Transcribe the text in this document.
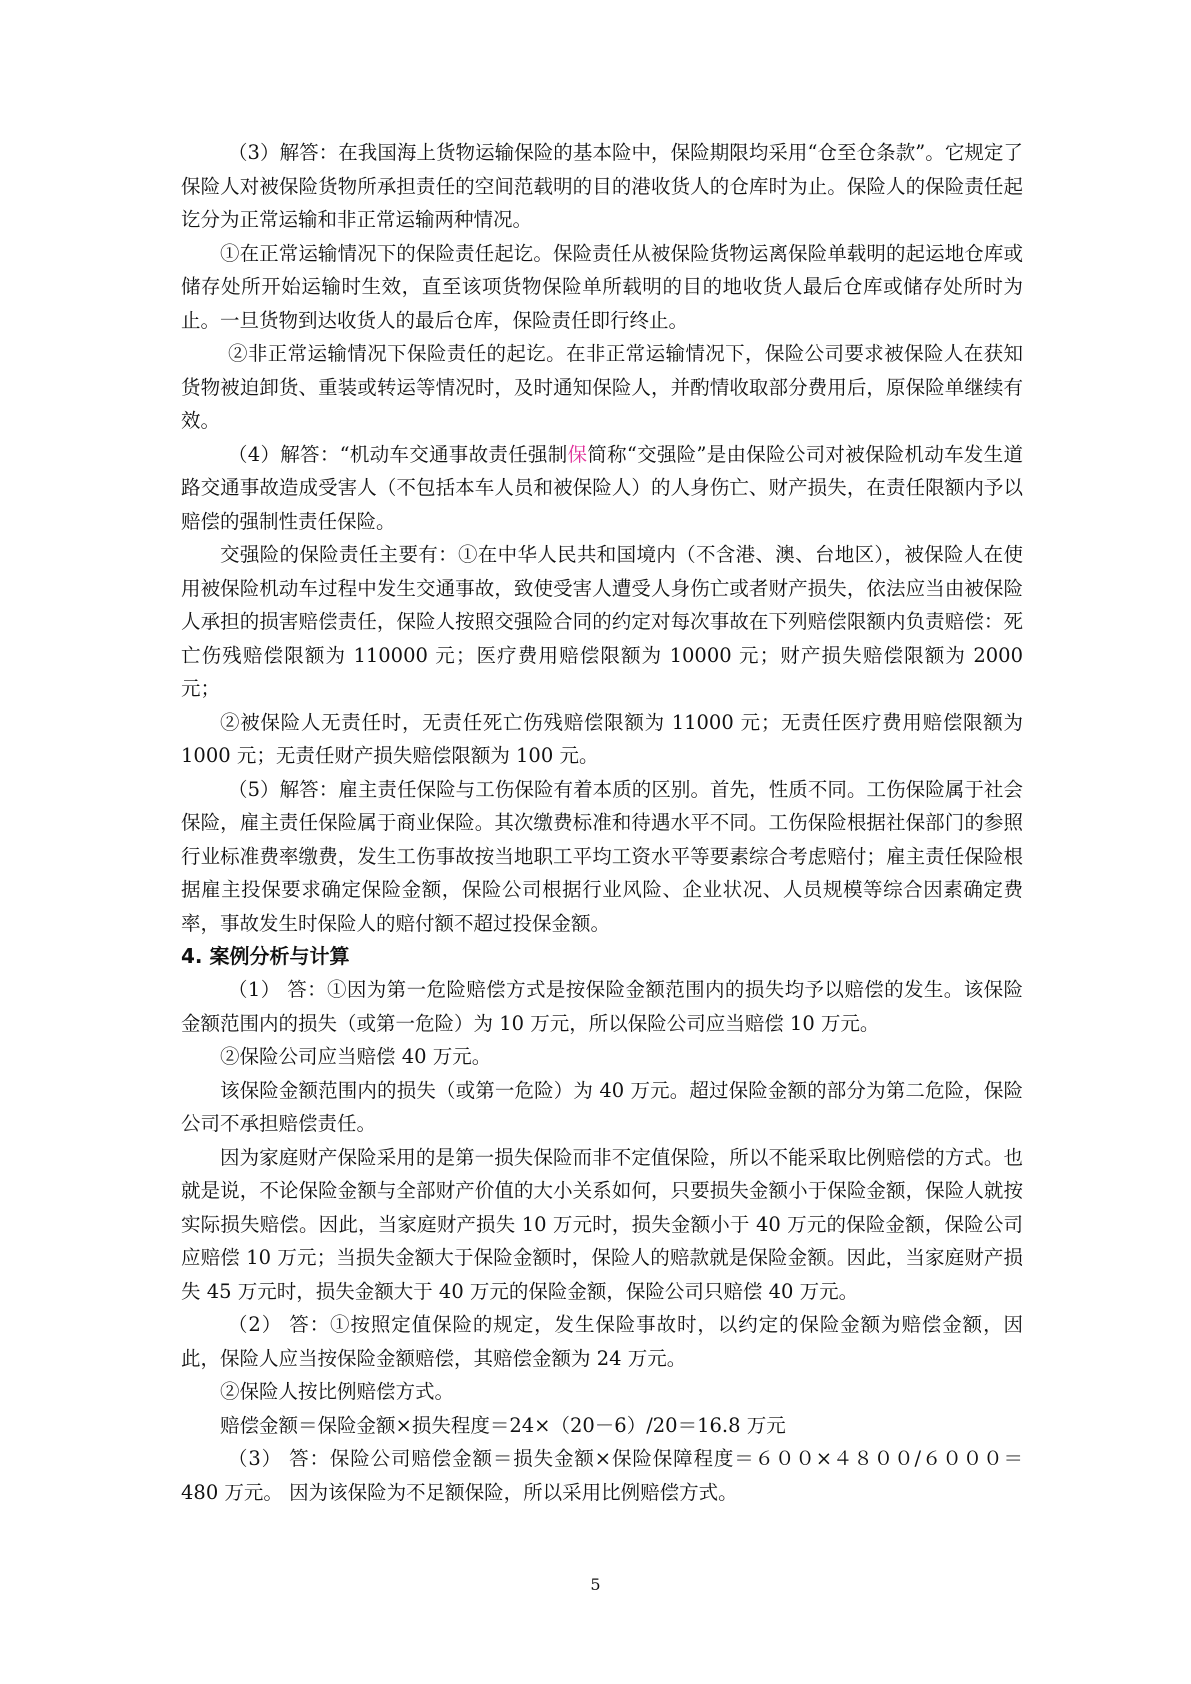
（3）解答：在我国海上货物运输保险的基本险中，保险期限均采用“仓至仓条款”。它规定了保险人对被保险货物所承担责任的空间范载明的目的港收货人的仓库时为止。保险人的保险责任起讫分为正常运输和非正常运输两种情况。

①在正常运输情况下的保险责任起讫。保险责任从被保险货物运离保险单载明的起运地仓库或储存处所开始运输时生效，直至该项货物保险单所载明的目的地收货人最后仓库或储存处所时为止。一旦货物到达收货人的最后仓库，保险责任即行终止。

②非正常运输情况下保险责任的起讫。在非正常运输情况下，保险公司要求被保险人在获知货物被迫卸货、重装或转运等情况时，及时通知保险人，并酌情收取部分费用后，原保险单继续有效。

（4）解答：“机动车交通事故责任强制保简称“交强险”是由保险公司对被保险机动车发生道路交通事故造成受害人（不包括本车人员和被保险人）的人身伤亡、财产损失，在责任限额内予以赔偿的强制性责任保险。

交强险的保险责任主要有：①在中华人民共和国境内（不含港、澳、台地区），被保险人在使用被保险机动车过程中发生交通事故，致使受害人遭受人身伤亡或者财产损失，依法应当由被保险人承担的损害赔偿责任，保险人按照交强险合同的约定对每次事故在下列赔偿限额内负责赔偿：死亡伤残赔偿限额为 110000 元；医疗费用赔偿限额为 10000 元；财产损失赔偿限额为 2000 元；

②被保险人无责任时，无责任死亡伤残赔偿限额为 11000 元；无责任医疗费用赔偿限额为 1000 元；无责任财产损失赔偿限额为 100 元。

（5）解答：雇主责任保险与工伤保险有着本质的区别。首先，性质不同。工伤保险属于社会保险，雇主责任保险属于商业保险。其次缴费标准和待遇水平不同。工伤保险根据社保部门的参照行业标准费率缴费，发生工伤事故按当地职工平均工资水平等要素综合考虑赔付；雇主责任保险根据雇主投保要求确定保险金额，保险公司根据行业风险、企业状况、人员规模等综合因素确定费率，事故发生时保险人的赔付额不超过投保金额。

4. 案例分析与计算

（1） 答：①因为第一危险赔偿方式是按保险金额范围内的损失均予以赔偿的发生。该保险金额范围内的损失（或第一危险）为 10 万元，所以保险公司应当赔偿 10 万元。

②保险公司应当赔偿 40 万元。

该保险金额范围内的损失（或第一危险）为 40 万元。超过保险金额的部分为第二危险，保险公司不承担赔偿责任。

因为家庭财产保险采用的是第一损失保险而非不定值保险，所以不能采取比例赔偿的方式。也就是说，不论保险金额与全部财产价值的大小关系如何，只要损失金额小于保险金额，保险人就按实际损失赔偿。因此，当家庭财产损失 10 万元时，损失金额小于 40 万元的保险金额，保险公司应赔偿 10 万元；当损失金额大于保险金额时，保险人的赔款就是保险金额。因此，当家庭财产损失 45 万元时，损失金额大于 40 万元的保险金额，保险公司只赔偿 40 万元。

（2） 答：①按照定值保险的规定，发生保险事故时，以约定的保险金额为赔偿金额，因此，保险人应当按保险金额赔偿，其赔偿金额为 24 万元。

②保险人按比例赔偿方式。

赔偿金额＝保险金额×损失程度＝24×（20－6）/20＝16.8 万元

（3） 答：保险公司赔偿金额＝损失金额×保险保障程度＝６００×４８００/６０００＝480 万元。 因为该保险为不足额保险，所以采用比例赔偿方式。

5
